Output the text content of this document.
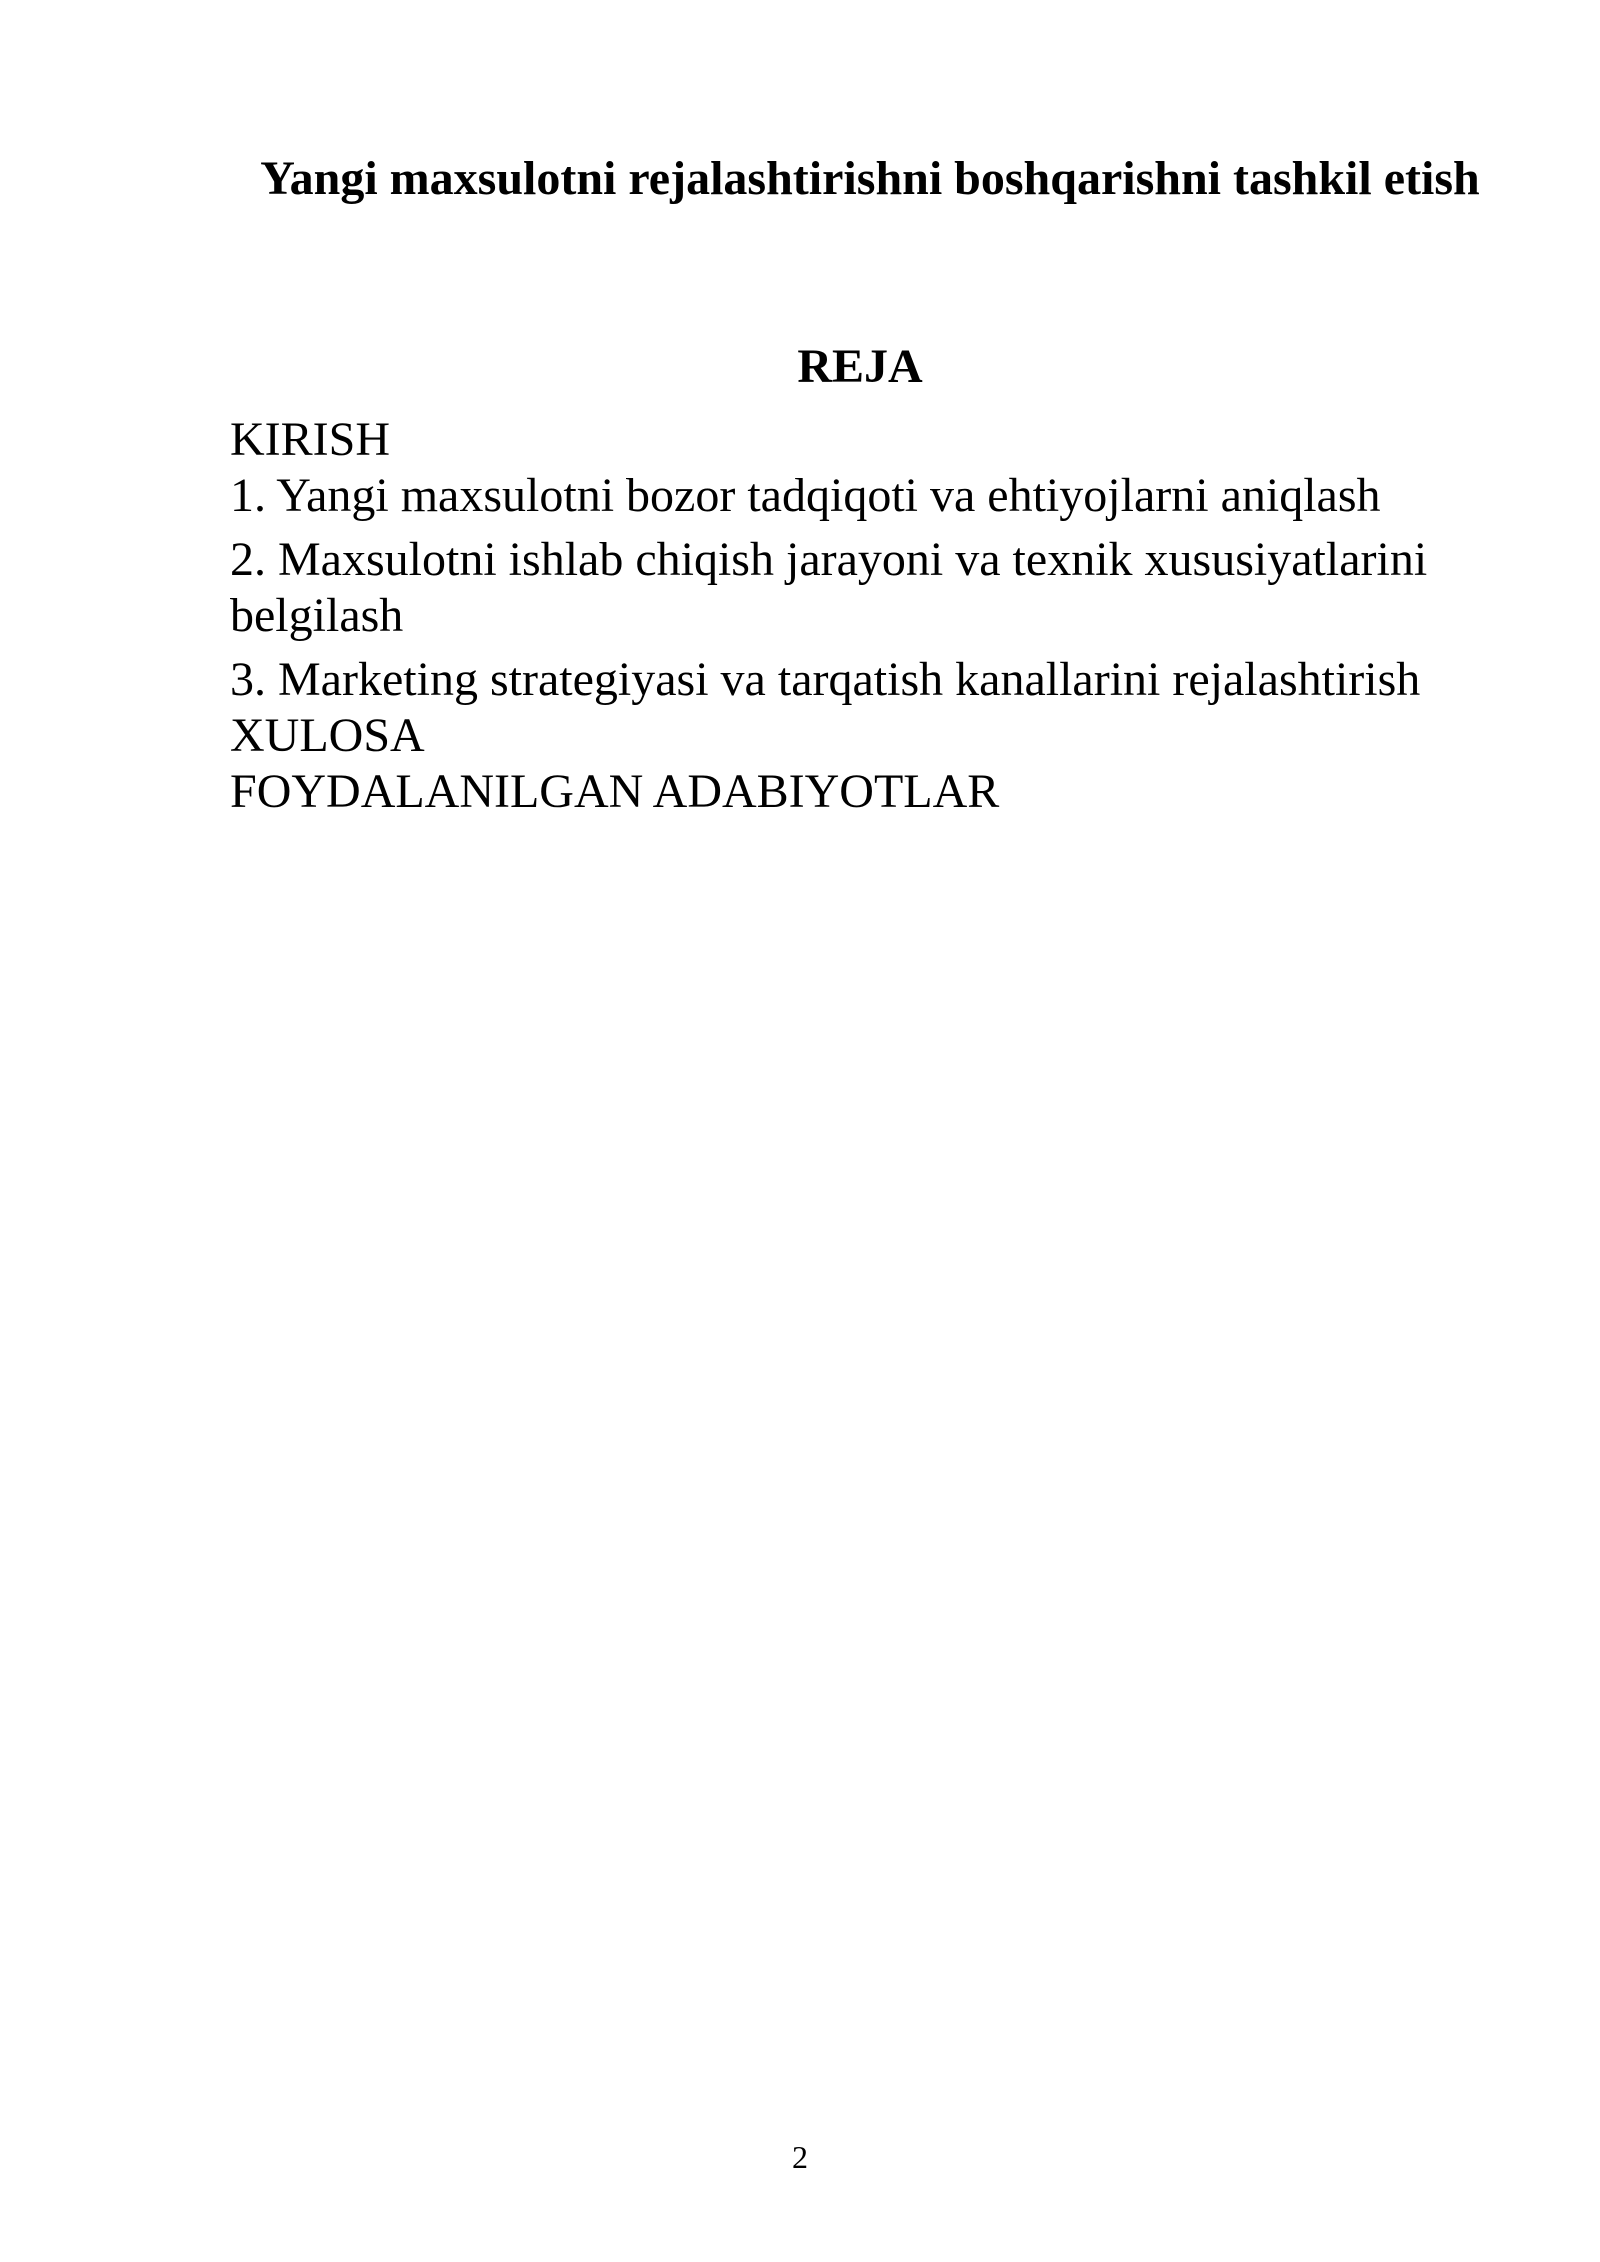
Yangi maxsulotni rejalashtirishni boshqarishni tashkil etish
REJA
KIRISH
1. Yangi maxsulotni bozor tadqiqoti va ehtiyojlarni aniqlash
2. Maxsulotni ishlab chiqish jarayoni va texnik xususiyatlarini belgilash
3. Marketing strategiyasi va tarqatish kanallarini rejalashtirish
XULOSA
FOYDALANILGAN ADABIYOTLAR
2
